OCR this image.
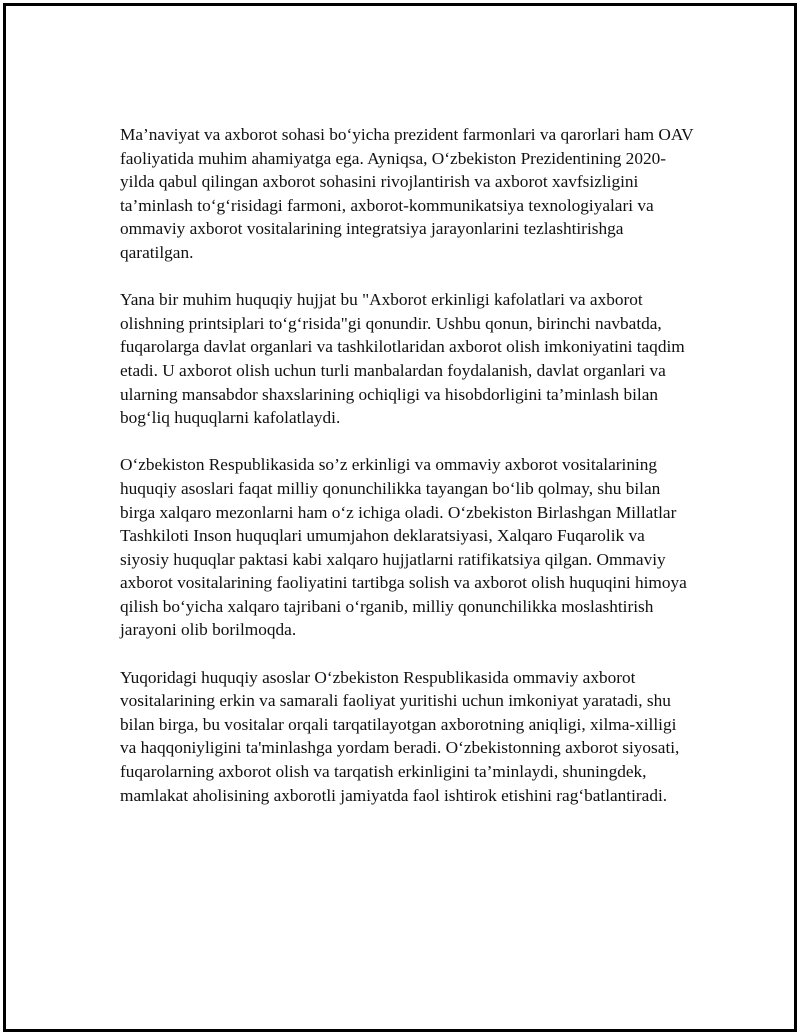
Ma’naviyat va axborot sohasi bo‘yicha prezident farmonlari va qarorlari ham OAV faoliyatida muhim ahamiyatga ega. Ayniqsa, O‘zbekiston Prezidentining 2020-yilda qabul qilingan axborot sohasini rivojlantirish va axborot xavfsizligini ta’minlash to‘g‘risidagi farmoni, axborot-kommunikatsiya texnologiyalari va ommaviy axborot vositalarining integratsiya jarayonlarini tezlashtirishga qaratilgan.

Yana bir muhim huquqiy hujjat bu "Axborot erkinligi kafolatlari va axborot olishning printsiplari to‘g‘risida"gi qonundir. Ushbu qonun, birinchi navbatda, fuqarolarga davlat organlari va tashkilotlaridan axborot olish imkoniyatini taqdim etadi. U axborot olish uchun turli manbalardan foydalanish, davlat organlari va ularning mansabdor shaxslarining ochiqligi va hisobdorligini ta’minlash bilan bog‘liq huquqlarni kafolatlaydi.

O‘zbekiston Respublikasida so’z erkinligi va ommaviy axborot vositalarining huquqiy asoslari faqat milliy qonunchilikka tayangan bo‘lib qolmay, shu bilan birga xalqaro mezonlarni ham o‘z ichiga oladi. O‘zbekiston Birlashgan Millatlar Tashkiloti Inson huquqlari umumjahon deklaratsiyasi, Xalqaro Fuqarolik va siyosiy huquqlar paktasi kabi xalqaro hujjatlarni ratifikatsiya qilgan. Ommaviy axborot vositalarining faoliyatini tartibga solish va axborot olish huquqini himoya qilish bo‘yicha xalqaro tajribani o‘rganib, milliy qonunchilikka moslashtirish jarayoni olib borilmoqda.

Yuqoridagi huquqiy asoslar O‘zbekiston Respublikasida ommaviy axborot vositalarining erkin va samarali faoliyat yuritishi uchun imkoniyat yaratadi, shu bilan birga, bu vositalar orqali tarqatilayotgan axborotning aniqligi, xilma-xilligi va haqqoniyligini ta'minlashga yordam beradi. O‘zbekistonning axborot siyosati, fuqarolarning axborot olish va tarqatish erkinligini ta’minlaydi, shuningdek, mamlakat aholisining axborotli jamiyatda faol ishtirok etishini rag‘batlantiradi.
